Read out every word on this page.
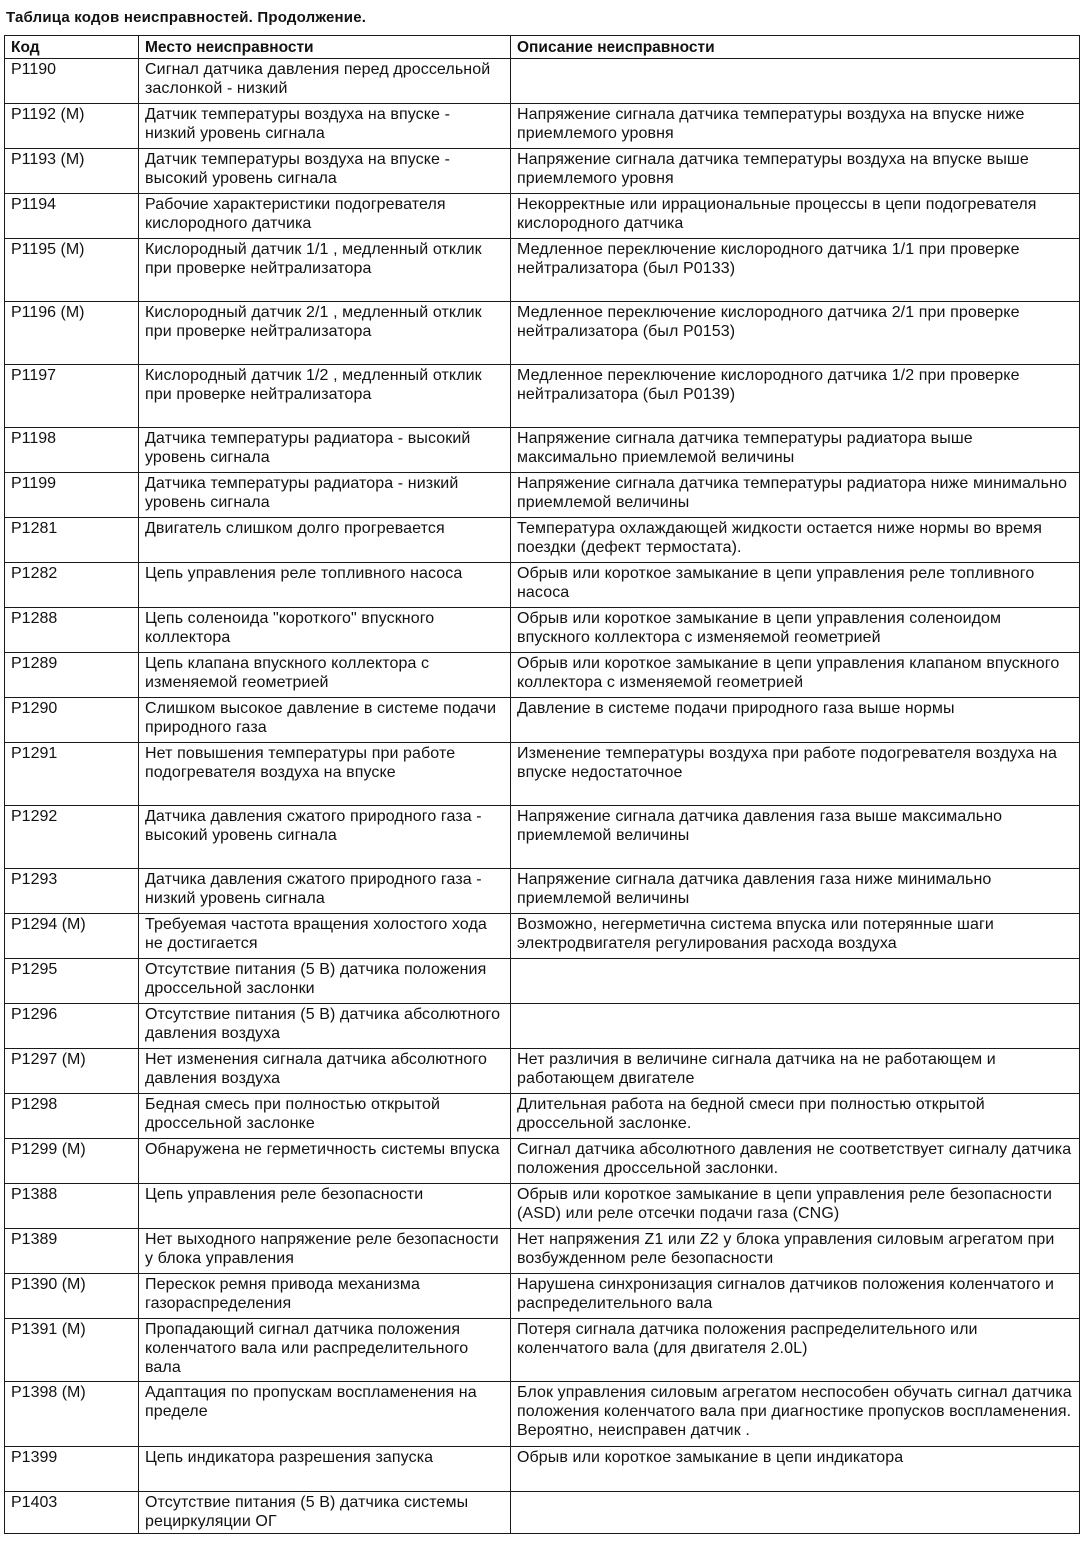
Таблица кодов неисправностей. Продолжение.
Код	Место неисправности	Описание неисправности
P1190	Сигнал датчика давления перед дроссельной заслонкой - низкий	
P1192 (M)	Датчик температуры воздуха на впуске - низкий уровень сигнала	Напряжение сигнала датчика температуры воздуха на впуске ниже приемлемого уровня
P1193 (M)	Датчик температуры воздуха на впуске - высокий уровень сигнала	Напряжение сигнала датчика температуры воздуха на впуске выше приемлемого уровня
P1194	Рабочие характеристики подогревателя кислородного датчика	Некорректные или иррациональные процессы в цепи подогревателя кислородного датчика
P1195 (M)	Кислородный датчик 1/1 , медленный отклик при проверке нейтрализатора	Медленное переключение кислородного датчика 1/1 при проверке нейтрализатора (был P0133)
P1196 (M)	Кислородный датчик 2/1 , медленный отклик при проверке нейтрализатора	Медленное переключение кислородного датчика 2/1 при проверке нейтрализатора (был P0153)
P1197	Кислородный датчик 1/2 , медленный отклик при проверке нейтрализатора	Медленное переключение кислородного датчика 1/2 при проверке нейтрализатора (был P0139)
P1198	Датчика температуры радиатора - высокий уровень сигнала	Напряжение сигнала датчика температуры радиатора выше максимально приемлемой величины
P1199	Датчика температуры радиатора - низкий уровень сигнала	Напряжение сигнала датчика температуры радиатора ниже минимально приемлемой величины
P1281	Двигатель слишком долго прогревается	Температура охлаждающей жидкости остается ниже нормы во время поездки (дефект термостата).
P1282	Цепь управления реле топливного насоса	Обрыв или короткое замыкание в цепи управления реле топливного насоса
P1288	Цепь соленоида "короткого" впускного коллектора	Обрыв или короткое замыкание в цепи управления соленоидом впускного коллектора с изменяемой геометрией
P1289	Цепь клапана впускного коллектора с изменяемой геометрией	Обрыв или короткое замыкание в цепи управления клапаном впускного коллектора с изменяемой геометрией
P1290	Слишком высокое давление в системе подачи природного газа	Давление в системе подачи природного газа выше нормы
P1291	Нет повышения температуры при работе подогревателя воздуха на впуске	Изменение температуры воздуха при работе подогревателя воздуха на впуске недостаточное
P1292	Датчика давления сжатого природного газа - высокий уровень сигнала	Напряжение сигнала датчика давления газа выше максимально приемлемой величины
P1293	Датчика давления сжатого природного газа - низкий уровень сигнала	Напряжение сигнала датчика давления газа ниже минимально приемлемой величины
P1294 (M)	Требуемая частота вращения холостого хода не достигается	Возможно, негерметична система впуска или потерянные шаги электродвигателя регулирования расхода воздуха
P1295	Отсутствие питания (5 В) датчика положения дроссельной заслонки	
P1296	Отсутствие питания (5 В) датчика абсолютного давления воздуха	
P1297 (M)	Нет изменения сигнала датчика абсолютного давления воздуха	Нет различия в величине сигнала датчика на не работающем и работающем двигателе
P1298	Бедная смесь при полностью открытой дроссельной заслонке	Длительная работа на бедной смеси при полностью открытой дроссельной заслонке.
P1299 (M)	Обнаружена не герметичность системы впуска	Сигнал датчика абсолютного давления не соответствует сигналу датчика положения дроссельной заслонки.
P1388	Цепь управления реле безопасности	Обрыв или короткое замыкание в цепи управления реле безопасности (ASD) или реле отсечки подачи газа (CNG)
P1389	Нет выходного напряжение реле безопасности у блока управления	Нет напряжения Z1 или Z2 у блока управления силовым агрегатом при возбужденном реле безопасности
P1390 (M)	Перескок ремня привода механизма газораспределения	Нарушена синхронизация сигналов датчиков положения коленчатого и распределительного вала
P1391 (M)	Пропадающий сигнал датчика положения коленчатого вала или распределительного вала	Потеря сигнала датчика положения распределительного или коленчатого вала (для двигателя 2.0L)
P1398 (M)	Адаптация по пропускам воспламенения на пределе	Блок управления силовым агрегатом неспособен обучать сигнал датчика положения коленчатого вала при диагностике пропусков воспламенения. Вероятно, неисправен датчик .
P1399	Цепь индикатора разрешения запуска	Обрыв или короткое замыкание в цепи индикатора
P1403	Отсутствие питания (5 В) датчика системы рециркуляции ОГ	
